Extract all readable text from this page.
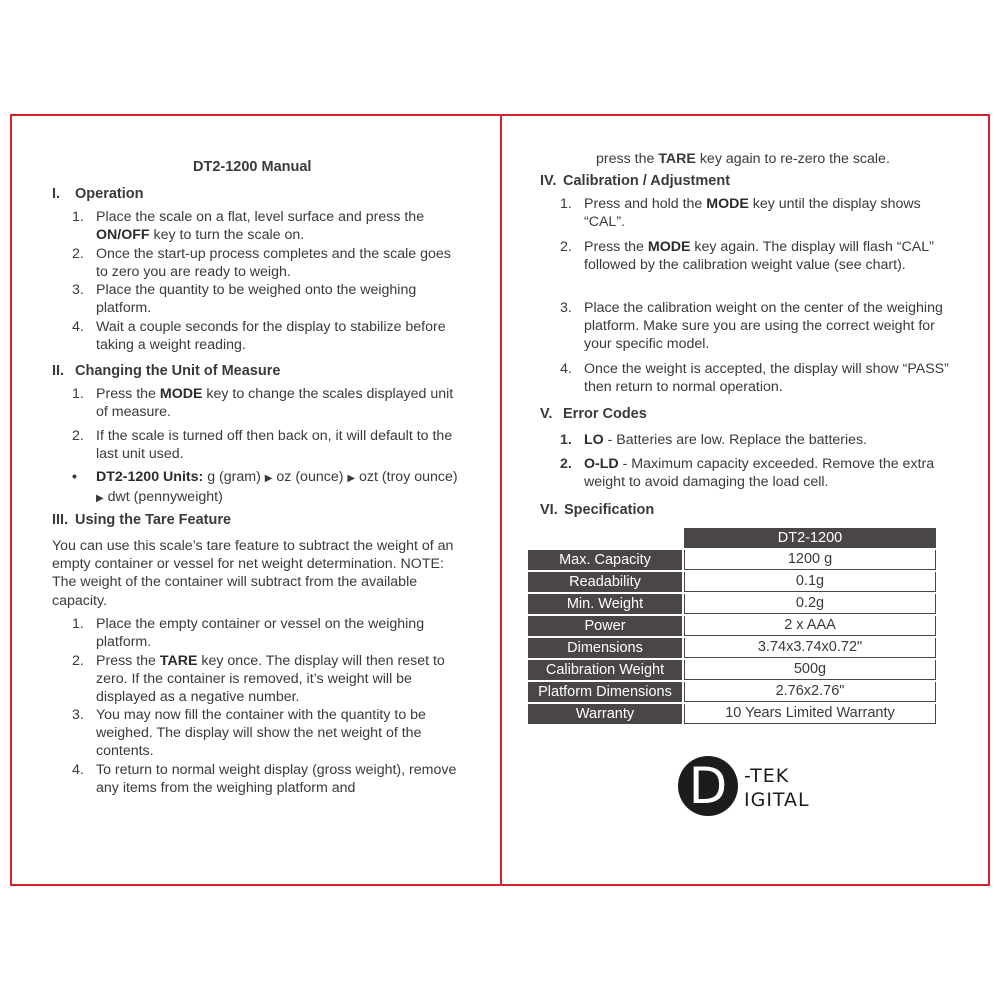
DT2-1200 Manual
I. Operation
1. Place the scale on a flat, level surface and press the ON/OFF key to turn the scale on.
2. Once the start-up process completes and the scale goes to zero you are ready to weigh.
3. Place the quantity to be weighed onto the weighing platform.
4. Wait a couple seconds for the display to stabilize before taking a weight reading.
II. Changing the Unit of Measure
1. Press the MODE key to change the scales displayed unit of measure.
2. If the scale is turned off then back on, it will default to the last unit used.
•	DT2-1200 Units: g (gram) ▶ oz (ounce) ▶ ozt (troy ounce) ▶ dwt (pennyweight)
III. Using the Tare Feature
You can use this scale’s tare feature to subtract the weight of an empty container or vessel for net weight determination. NOTE: The weight of the container will subtract from the available capacity.
1. Place the empty container or vessel on the weighing platform.
2. Press the TARE key once. The display will then reset to zero. If the container is removed, it’s weight will be displayed as a negative number.
3. You may now fill the container with the quantity to be weighed. The display will show the net weight of the contents.
4. To return to normal weight display (gross weight), remove any items from the weighing platform and
press the TARE key again to re-zero the scale.
IV. Calibration / Adjustment
1. Press and hold the MODE key until the display shows “CAL”.
2. Press the MODE key again. The display will flash “CAL” followed by the calibration weight value (see chart).
3. Place the calibration weight on the center of the weighing platform. Make sure you are using the correct weight for your specific model.
4. Once the weight is accepted, the display will show “PASS” then return to normal operation.
V. Error Codes
1. LO - Batteries are low. Replace the batteries.
2. O-LD - Maximum capacity exceeded. Remove the extra weight to avoid damaging the load cell.
VI. Specification
DT2-1200
Max. Capacity	1200 g
Readability	0.1g
Min. Weight	0.2g
Power	2 x AAA
Dimensions	3.74x3.74x0.72"
Calibration Weight	500g
Platform Dimensions	2.76x2.76"
Warranty	10 Years Limited Warranty
D -TEK
IGITAL
